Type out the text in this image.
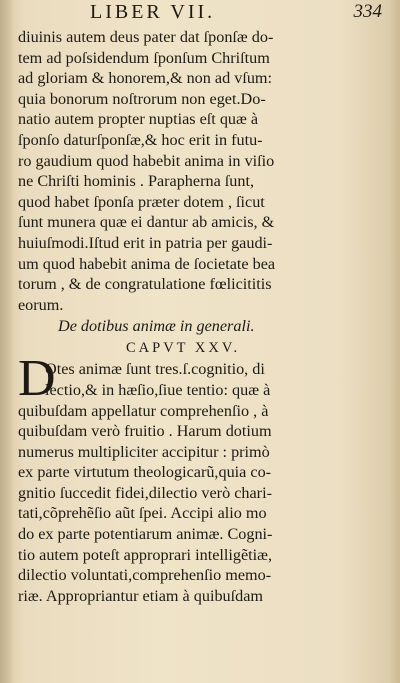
LIBER VII.	334
diuinis autem deus pater dat ſponſæ do-
tem ad poſsidendum ſponſum Chriſtum
ad gloriam & honorem,& non ad vſum:
quia bonorum noſtrorum non eget.Do-
natio autem propter nuptias eſt quæ à
ſponſo daturſponſæ,& hoc erit in futu-
ro gaudium quod habebit anima in viſio
ne Chriſti hominis . Parapherna ſunt,
quod habet ſponſa præter dotem , ſicut
ſunt munera quæ ei dantur ab amicis, &
huiuſmodi.Iſtud erit in patria per gaudi-
um quod habebit anima de ſocietate bea
torum , & de congratulatione fœlicititis
eorum.
De dotibus animæ in generali.
CAPVT XXV.
D
Otes animæ ſunt tres.ſ.cognitio, di
lectio,& in hæſio,ſiue tentio: quæ à
quibuſdam appellatur comprehenſio , à
quibuſdam verò fruitio . Harum dotium
numerus multipliciter accipitur : primò
ex parte virtutum theologicarũ,quia co-
gnitio ſuccedit fidei,dilectio verò chari-
tati,cõprehẽſio aũt ſpei. Accipi alio mo
do ex parte potentiarum animæ. Cogni-
tio autem poteſt approprari intelligẽtiæ,
dilectio voluntati,comprehenſio memo-
riæ. Appropriantur etiam à quibuſdam
